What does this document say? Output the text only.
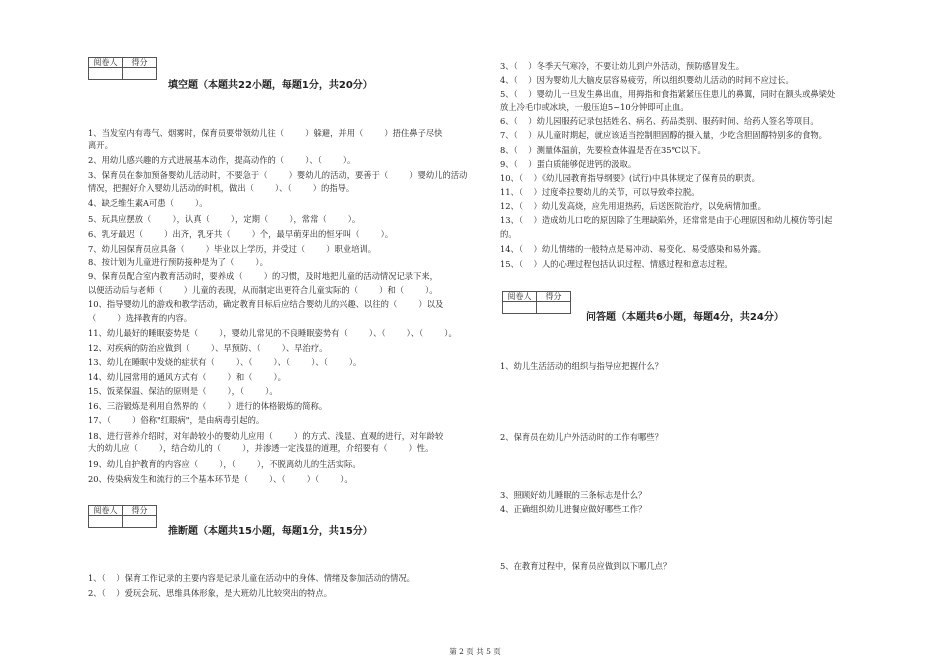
阅卷人	得分

填空题（本题共22小题，每题1分，共20分）
1、当发室内有毒气、烟雾时，保育员要带领幼儿往（        ）躲避，并用（        ）捂住鼻子尽快
离开。
2、用幼儿感兴趣的方式进展基本动作，提高动作的（        ）、（        ）。
3、保育员在参加预备婴幼儿活动时，不要急于（        ）婴幼儿的活动，要善于（        ）婴幼儿的活动
情况，把握好介入婴幼儿活动的时机，做出（        ）、（        ）的指导。
4、缺乏维生素A可患（        ）。
5、玩具应摆放（        ），认真（        ），定期（        ），常常（        ）。
6、乳牙最迟（        ）出齐，乳牙共（        ）个，最早萌芽出的恒牙叫（        ）。
7、幼儿园保育员应具备（        ）毕业以上学历，并受过（        ）职业培训。
8、按计划为儿童进行预防接种是为了（        ）。
9、保育员配合室内教育活动时，要养成（        ）的习惯，及时地把儿童的活动情况记录下来，
以便活动后与老师（        ）儿童的表现，从而制定出更符合儿童实际的（        ）和（        ）。
10、指导婴幼儿的游戏和教学活动，确定教育目标后应结合婴幼儿的兴趣、以往的（        ）以及
（        ）选择教育的内容。
11、幼儿最好的睡眠姿势是（        ），婴幼儿常见的不良睡眠姿势有（        ）、（        ）、（        ）。
12、对疾病的防治应做到（        ）、早预防、（        ）、早治疗。
13、幼儿在睡眠中发烧的症状有（        ）、（        ）、（        ）、（        ）。
14、幼儿园常用的通风方式有（        ）和（        ）。
15、饭菜保温、保洁的原则是（        ），（        ）。
16、三浴锻炼是利用自然界的（        ）进行的体格锻炼的简称。
17、（        ）俗称"红眼病"，是由病毒引起的。
18、进行营养介绍时，对年龄较小的婴幼儿应用（        ）的方式、浅显、直观的进行，对年龄较
大的幼儿应（        ），结合幼儿的（        ），并渗透一定浅显的道理，介绍要有（        ）性。
19、幼儿自护教育的内容应（        ），（        ），不脱离幼儿的生活实际。
20、传染病发生和流行的三个基本环节是（        ）、（        ）（        ）。
阅卷人	得分

推断题（本题共15小题，每题1分，共15分）
1、（    ）保育工作记录的主要内容是记录儿童在活动中的身体、情绪及参加活动的情况。
2、（    ）爱玩会玩、思维具体形象，是大班幼儿比较突出的特点。
3、（    ）冬季天气寒冷，不要让幼儿到户外活动，预防感冒发生。
4、（    ）因为婴幼儿大脑皮层容易疲劳，所以组织婴幼儿活动的时间不应过长。
5、（    ）婴幼儿一旦发生鼻出血，用拇指和食指紧紧压住患儿的鼻翼，同时在额头或鼻梁处
放上冷毛巾或冰块，一般压迫5~10分钟即可止血。
6、（    ）幼儿园服药记录包括姓名、病名、药品类别、服药时间、给药人签名等项目。
7、（    ）从儿童时期起，就应该适当控制胆固醇的摄入量，少吃含胆固醇特别多的食物。
8、（    ）测量体温前，先要检查体温是否在35℃以下。
9、（    ）蛋白质能够促进钙的汲取。
10、（    ）《幼儿园教育指导纲要》(试行)中具体规定了保育员的职责。
11、（    ）过度牵拉婴幼儿的关节，可以导致牵拉脱。
12、（    ）幼儿发高烧，应先用退热药，后送医院治疗，以免病情加重。
13、（    ）造成幼儿口吃的原因除了生理缺陷外，还常常是由于心理原因和幼儿模仿等引起
的。
14、（    ）幼儿情绪的一般特点是易冲动、易变化、易受感染和易外露。
15、（    ）人的心理过程包括认识过程、情感过程和意志过程。
阅卷人	得分

问答题（本题共6小题，每题4分，共24分）
1、幼儿生活活动的组织与指导应把握什么？
2、保育员在幼儿户外活动时的工作有哪些？
3、照顾好幼儿睡眠的三条标志是什么？
4、正确组织幼儿进餐应做好哪些工作？
5、在教育过程中，保育员应做到以下哪几点？
第 2 页 共 5 页
